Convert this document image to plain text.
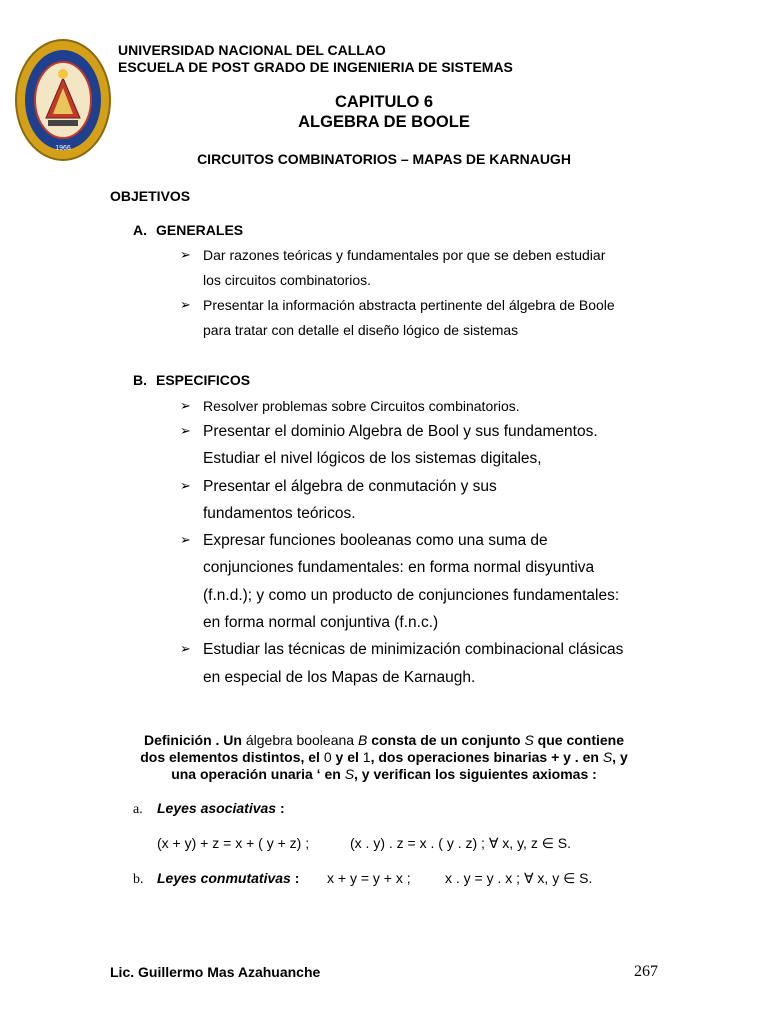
1966
UNIVERSIDAD NACIONAL DEL CALLAO
ESCUELA DE POST GRADO DE INGENIERIA DE SISTEMAS
CAPITULO 6
ALGEBRA DE BOOLE
CIRCUITOS COMBINATORIOS – MAPAS DE KARNAUGH
OBJETIVOS
A. GENERALES
➢ Dar razones teóricas y fundamentales por que se deben estudiar
los circuitos combinatorios.
➢ Presentar la información abstracta pertinente del álgebra de Boole
para tratar con detalle el diseño lógico de sistemas
B. ESPECIFICOS
➢ Resolver problemas sobre Circuitos combinatorios.
➢ Presentar el dominio Algebra de Bool y sus fundamentos.
Estudiar el nivel lógicos de los sistemas digitales,
➢ Presentar el álgebra de conmutación y sus
fundamentos teóricos.
➢ Expresar funciones booleanas como una suma de
conjunciones fundamentales: en forma normal disyuntiva
(f.n.d.); y como un producto de conjunciones fundamentales:
en forma normal conjuntiva (f.n.c.)
➢ Estudiar las técnicas de minimización combinacional clásicas
en especial de los Mapas de Karnaugh.
Definición . Un álgebra booleana B consta de un conjunto S que contiene
dos elementos distintos, el 0 y el 1, dos operaciones binarias + y . en S, y
una operación unaria ‘ en S, y verifican los siguientes axiomas :
a. Leyes asociativas :
(x + y) + z = x + ( y + z) ;	(x . y) . z = x . ( y . z) ; ∀ x, y, z ∈ S.
b. Leyes conmutativas : x + y = y + x ; x . y = y . x ; ∀ x, y ∈ S.
Lic. Guillermo Mas Azahuanche	267
